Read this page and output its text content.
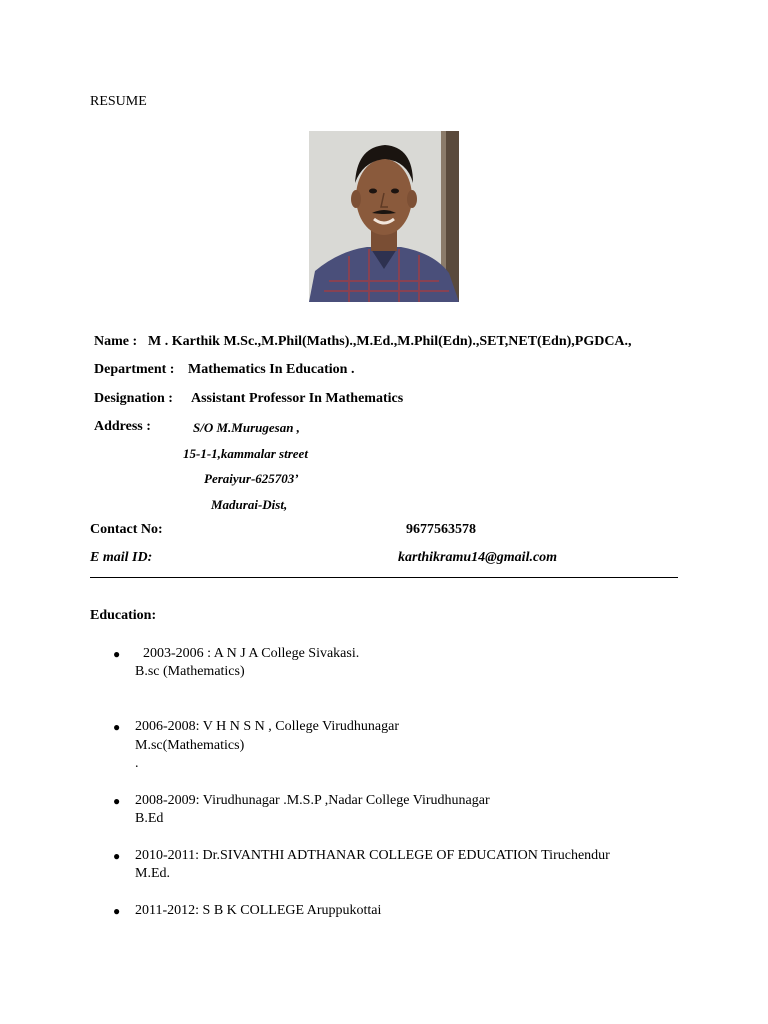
RESUME
Name : M . Karthik M.Sc.,M.Phil(Maths).,M.Ed.,M.Phil(Edn).,SET,NET(Edn),PGDCA.,
Department : Mathematics In Education .
Designation : Assistant Professor In Mathematics
Address :	S/O M.Murugesan ,
15-1-1,kammalar street
Peraiyur-625703’
Madurai-Dist,
Contact No:	9677563578
E mail ID:	karthikramu14@gmail.com
Education:
● 2003-2006 : A N J A College Sivakasi.
B.sc (Mathematics)
● 2006-2008: V H N S N , College Virudhunagar
M.sc(Mathematics)
.
● 2008-2009: Virudhunagar .M.S.P ,Nadar College Virudhunagar
B.Ed
● 2010-2011: Dr.SIVANTHI ADTHANAR COLLEGE OF EDUCATION Tiruchendur
M.Ed.
● 2011-2012: S B K COLLEGE Aruppukottai
